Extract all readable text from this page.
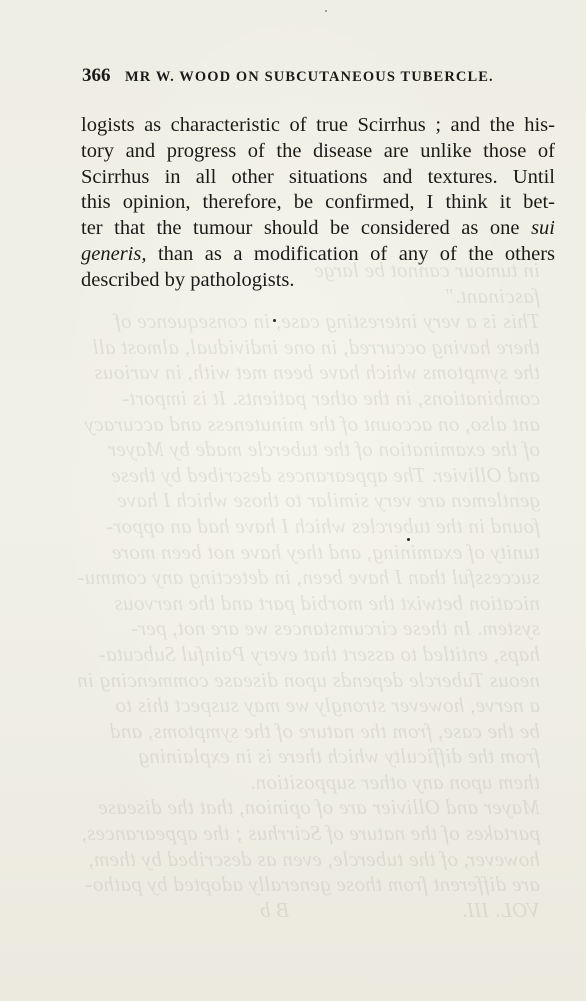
in tumour cannot be large
fascinant."
This is a very interesting case, in consequence of
there having occurred, in one individual, almost all
the symptoms which have been met with, in various
combinations, in the other patients. It is import-
ant also, on account of the minuteness and accuracy
of the examination of the tubercle made by Mayer
and Ollivier. The appearances described by these
gentlemen are very similar to those which I have
found in the tubercles which I have had an oppor-
tunity of examining, and they have not been more
successful than I have been, in detecting any commu-
nication betwixt the morbid part and the nervous
system. In these circumstances we are not, per-
haps, entitled to assert that every Painful Subcuta-
neous Tubercle depends upon disease commencing in
a nerve, however strongly we may suspect this to
be the case, from the nature of the symptoms, and
from the difficulty which there is in explaining
them upon any other supposition.
Mayer and Ollivier are of opinion, that the disease
partakes of the nature of Scirrhus ; the appearances,
however, of the tubercle, even as described by them,
are different from those generally adopted by patho-
VOL. III.                               B b
366 MR W. WOOD ON SUBCUTANEOUS TUBERCLE.
logists as characteristic of true Scirrhus ; and the his-
tory and progress of the disease are unlike those of
Scirrhus in all other situations and textures. Until
this opinion, therefore, be confirmed, I think it bet-
ter that the tumour should be considered as one sui
generis, than as a modification of any of the others
described by pathologists.
